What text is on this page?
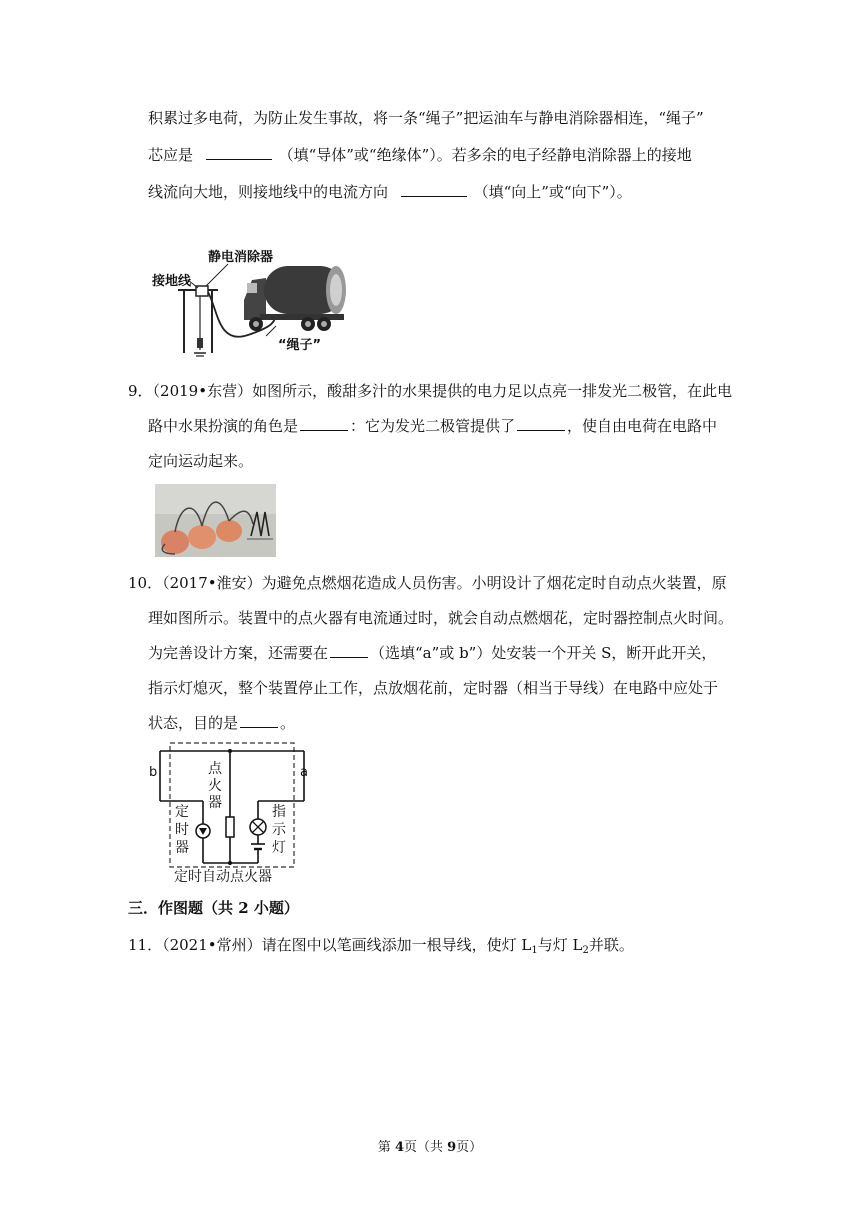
积累过多电荷，为防止发生事故，将一条“绳子”把运油车与静电消除器相连，“绳子”
芯应是	（填“导体”或“绝缘体”）。若多余的电子经静电消除器上的接地
线流向大地，则接地线中的电流方向	（填“向上”或“向下”）。
接地线
静电消除器
“绳子”
9．（2019•东营）如图所示，酸甜多汁的水果提供的电力足以点亮一排发光二极管，在此电
路中水果扮演的角色是	：它为发光二极管提供了	，使自由电荷在电路中
定向运动起来。
10．（2017•淮安）为避免点燃烟花造成人员伤害。小明设计了烟花定时自动点火装置，原
理如图所示。装置中的点火器有电流通过时，就会自动点燃烟花，定时器控制点火时间。
为完善设计方案，还需要在	（选填“a”或 b”）处安装一个开关 S，断开此开关，
指示灯熄灭，整个装置停止工作，点放烟花前，定时器（相当于导线）在电路中应处于
状态，目的是	。
b	a
点
火
器
定
时
器
指
示
灯
定时自动点火器
三．作图题（共 2 小题）
11．（2021•常州）请在图中以笔画线添加一根导线，使灯 $L_1$与灯 $L_2$并联。
第 4页（共 9页）
